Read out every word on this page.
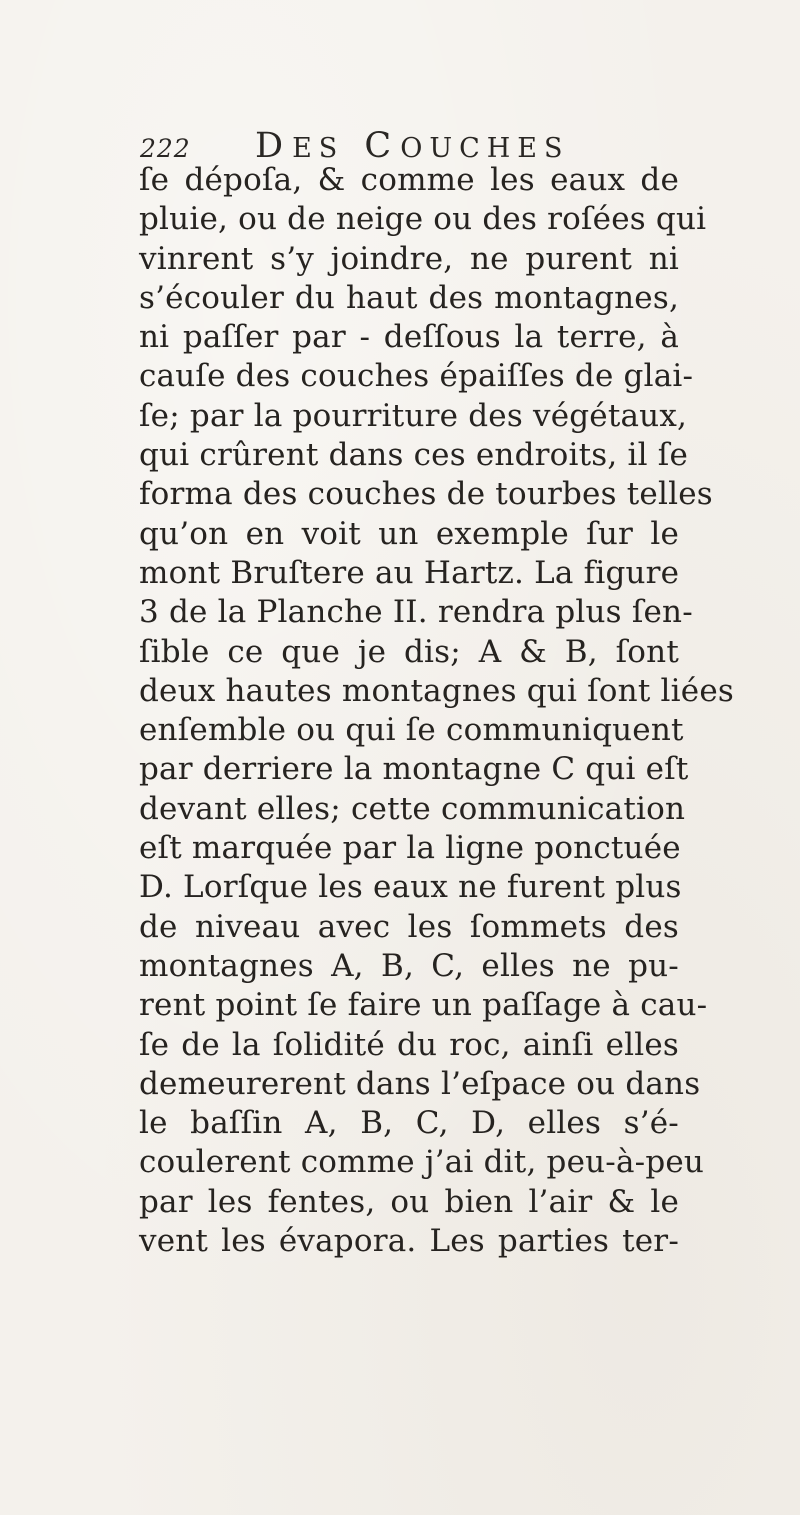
222 DES COUCHES
ſe dépoſa, & comme les eaux de
pluie, ou de neige ou des roſées qui
vinrent s’y joindre, ne purent ni
s’écouler du haut des montagnes,
ni paſſer par - deſſous la terre, à
cauſe des couches épaiſſes de glai-
ſe; par la pourriture des végétaux,
qui crûrent dans ces endroits, il ſe
forma des couches de tourbes telles
qu’on en voit un exemple ſur le
mont Bruſtere au Hartz. La figure
3 de la Planche II. rendra plus ſen-
ſible ce que je dis; A & B, ſont
deux hautes montagnes qui ſont liées
enſemble ou qui ſe communiquent
par derriere la montagne C qui eſt
devant elles; cette communication
eſt marquée par la ligne ponctuée
D. Lorſque les eaux ne furent plus
de niveau avec les ſommets des
montagnes A, B, C, elles ne pu-
rent point ſe faire un paſſage à cau-
ſe de la ſolidité du roc, ainſi elles
demeurerent dans l’eſpace ou dans
le baſſin A, B, C, D, elles s’é-
coulerent comme j’ai dit, peu-à-peu
par les fentes, ou bien l’air & le
vent les évapora. Les parties ter-
